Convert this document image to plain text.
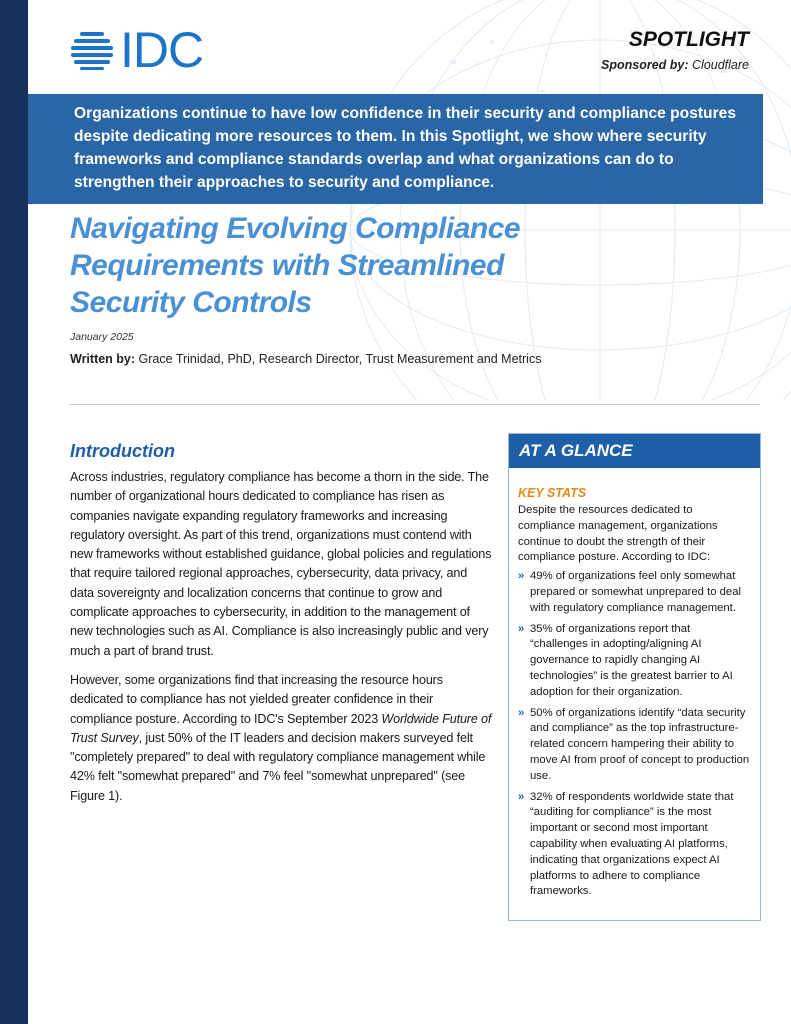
IDC	SPOTLIGHT
Sponsored by: Cloudflare
Organizations continue to have low confidence in their security and compliance postures despite dedicating more resources to them. In this Spotlight, we show where security frameworks and compliance standards overlap and what organizations can do to strengthen their approaches to security and compliance.
Navigating Evolving Compliance
Requirements with Streamlined
Security Controls
January 2025
Written by: Grace Trinidad, PhD, Research Director, Trust Measurement and Metrics
Introduction

Across industries, regulatory compliance has become a thorn in the side. The number of organizational hours dedicated to compliance has risen as companies navigate expanding regulatory frameworks and increasing regulatory oversight. As part of this trend, organizations must contend with new frameworks without established guidance, global policies and regulations that require tailored regional approaches, cybersecurity, data privacy, and data sovereignty and localization concerns that continue to grow and complicate approaches to cybersecurity, in addition to the management of new technologies such as AI. Compliance is also increasingly public and very much a part of brand trust.

However, some organizations find that increasing the resource hours dedicated to compliance has not yielded greater confidence in their compliance posture. According to IDC's September 2023 Worldwide Future of Trust Survey, just 50% of the IT leaders and decision makers surveyed felt "completely prepared" to deal with regulatory compliance management while 42% felt "somewhat prepared" and 7% feel "somewhat unprepared" (see Figure 1).

AT A GLANCE
KEY STATS
Despite the resources dedicated to compliance management, organizations continue to doubt the strength of their compliance posture. According to IDC:
» 49% of organizations feel only somewhat prepared or somewhat unprepared to deal with regulatory compliance management.
» 35% of organizations report that “challenges in adopting/aligning AI governance to rapidly changing AI technologies” is the greatest barrier to AI adoption for their organization.
» 50% of organizations identify “data security and compliance” as the top infrastructure-related concern hampering their ability to move AI from proof of concept to production use.
» 32% of respondents worldwide state that “auditing for compliance” is the most important or second most important capability when evaluating AI platforms, indicating that organizations expect AI platforms to adhere to compliance frameworks.
